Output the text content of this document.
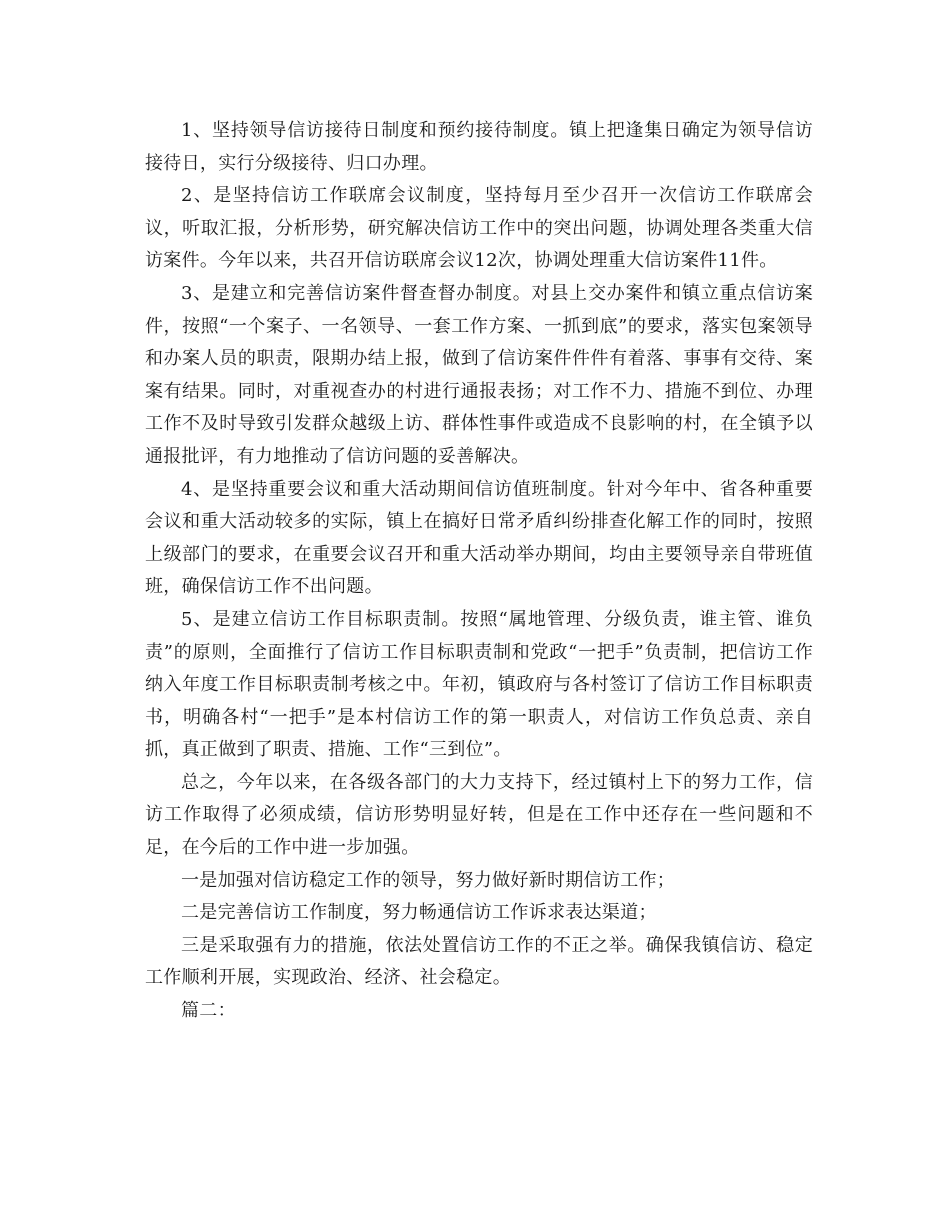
1、坚持领导信访接待日制度和预约接待制度。镇上把逢集日确定为领导信访接待日，实行分级接待、归口办理。

2、是坚持信访工作联席会议制度，坚持每月至少召开一次信访工作联席会议，听取汇报，分析形势，研究解决信访工作中的突出问题，协调处理各类重大信访案件。今年以来，共召开信访联席会议12次，协调处理重大信访案件11件。

3、是建立和完善信访案件督查督办制度。对县上交办案件和镇立重点信访案件，按照“一个案子、一名领导、一套工作方案、一抓到底”的要求，落实包案领导和办案人员的职责，限期办结上报，做到了信访案件件件有着落、事事有交待、案案有结果。同时，对重视查办的村进行通报表扬；对工作不力、措施不到位、办理工作不及时导致引发群众越级上访、群体性事件或造成不良影响的村，在全镇予以通报批评，有力地推动了信访问题的妥善解决。

4、是坚持重要会议和重大活动期间信访值班制度。针对今年中、省各种重要会议和重大活动较多的实际，镇上在搞好日常矛盾纠纷排查化解工作的同时，按照上级部门的要求，在重要会议召开和重大活动举办期间，均由主要领导亲自带班值班，确保信访工作不出问题。

5、是建立信访工作目标职责制。按照“属地管理、分级负责，谁主管、谁负责”的原则，全面推行了信访工作目标职责制和党政“一把手”负责制，把信访工作纳入年度工作目标职责制考核之中。年初，镇政府与各村签订了信访工作目标职责书，明确各村“一把手”是本村信访工作的第一职责人，对信访工作负总责、亲自抓，真正做到了职责、措施、工作“三到位”。

总之，今年以来，在各级各部门的大力支持下，经过镇村上下的努力工作，信访工作取得了必须成绩，信访形势明显好转，但是在工作中还存在一些问题和不足，在今后的工作中进一步加强。

一是加强对信访稳定工作的领导，努力做好新时期信访工作；

二是完善信访工作制度，努力畅通信访工作诉求表达渠道；

三是采取强有力的措施，依法处置信访工作的不正之举。确保我镇信访、稳定工作顺利开展，实现政治、经济、社会稳定。

篇二：
